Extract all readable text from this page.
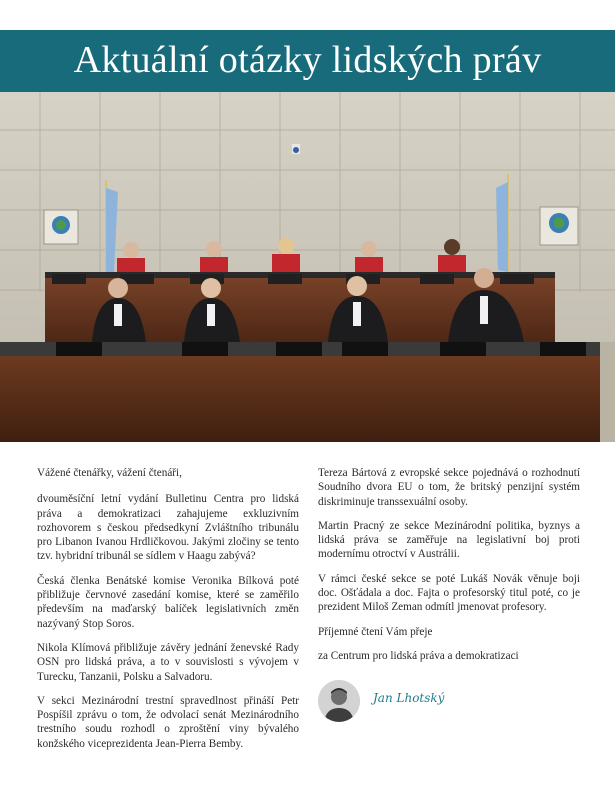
Aktuální otázky lidských práv

Vážené čtenářky, vážení čtenáři,

dvouměsíční letní vydání Bulletinu Centra pro lidská práva a demokratizaci zahajujeme exkluzivním rozhovorem s českou předsedkyní Zvláštního tribunálu pro Libanon Ivanou Hrdličkovou. Jakými zločiny se tento tzv. hybridní tribunál se sídlem v Haagu zabývá?

Česká členka Benátské komise Veronika Bílková poté přibližuje červnové zasedání komise, které se zaměřilo především na maďarský balíček legislativních změn nazývaný Stop Soros.

Nikola Klímová přibližuje závěry jednání ženevské Rady OSN pro lidská práva, a to v souvislosti s vývojem v Turecku, Tanzanii, Polsku a Salvadoru.

V sekci Mezinárodní trestní spravedlnost přináší Petr Pospíšil zprávu o tom, že odvolací senát Mezinárodního trestního soudu rozhodl o zproštění viny bývalého konžského viceprezidenta Jean-Pierra Bemby.

Tereza Bártová z evropské sekce pojednává o rozhodnutí Soudního dvora EU o tom, že britský penzijní systém diskriminuje transsexuální osoby.

Martin Pracný ze sekce Mezinárodní politika, byznys a lidská práva se zaměřuje na legislativní boj proti modernímu otroctví v Austrálii.

V rámci české sekce se poté Lukáš Novák věnuje boji doc. Ošťádala a doc. Fajta o profesorský titul poté, co je prezident Miloš Zeman odmítl jmenovat profesory.

Příjemné čtení Vám přeje

za Centrum pro lidská práva a demokratizaci

Jan Lhotský
